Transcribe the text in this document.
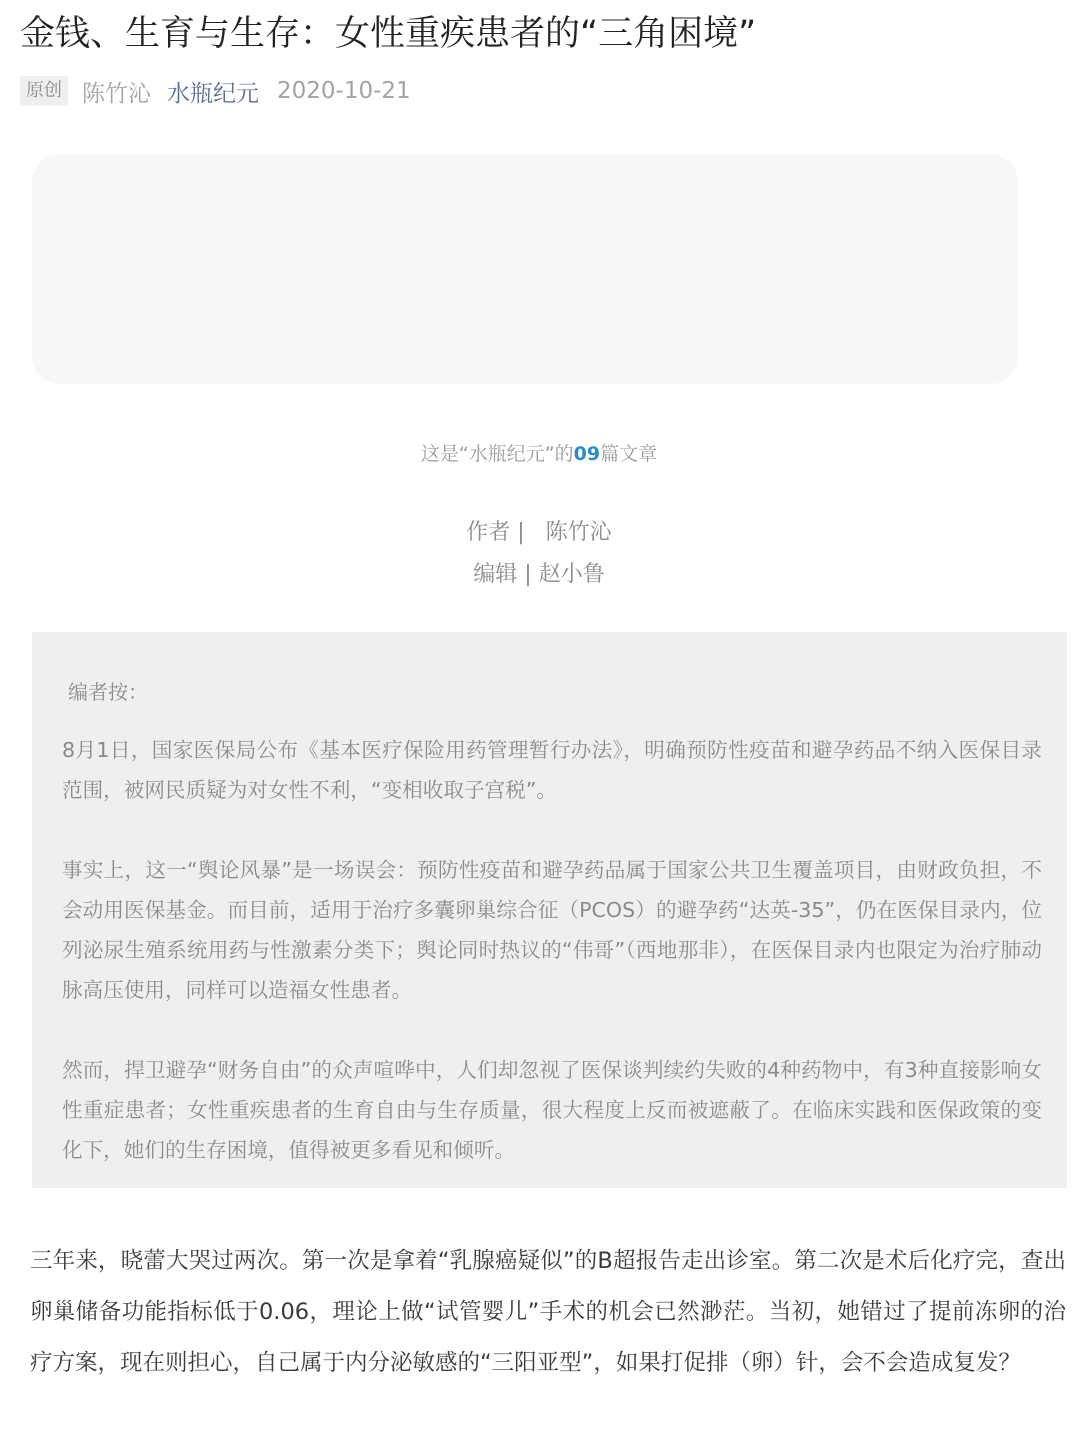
金钱、生育与生存：女性重疾患者的“三角困境”
原创 陈竹沁 水瓶纪元 2020-10-21
这是“水瓶纪元”的09篇文章
作者 |   陈竹沁
编辑 | 赵小鲁
编者按：

8月1日，国家医保局公布《基本医疗保险用药管理暂行办法》，明确预防性疫苗和避孕药品不纳入医保目录范围，被网民质疑为对女性不利，“变相收取子宫税”。

事实上，这一“舆论风暴”是一场误会：预防性疫苗和避孕药品属于国家公共卫生覆盖项目，由财政负担，不会动用医保基金。而目前，适用于治疗多囊卵巢综合征（PCOS）的避孕药“达英-35”，仍在医保目录内，位列泌尿生殖系统用药与性激素分类下；舆论同时热议的“伟哥”（西地那非），在医保目录内也限定为治疗肺动脉高压使用，同样可以造福女性患者。

然而，捍卫避孕“财务自由”的众声喧哗中，人们却忽视了医保谈判续约失败的4种药物中，有3种直接影响女性重症患者；女性重疾患者的生育自由与生存质量，很大程度上反而被遮蔽了。在临床实践和医保政策的变化下，她们的生存困境，值得被更多看见和倾听。

三年来，晓蕾大哭过两次。第一次是拿着“乳腺癌疑似”的B超报告走出诊室。第二次是术后化疗完，查出卵巢储备功能指标低于0.06，理论上做“试管婴儿”手术的机会已然渺茫。当初，她错过了提前冻卵的治疗方案，现在则担心，自己属于内分泌敏感的“三阳亚型”，如果打促排（卵）针，会不会造成复发？
